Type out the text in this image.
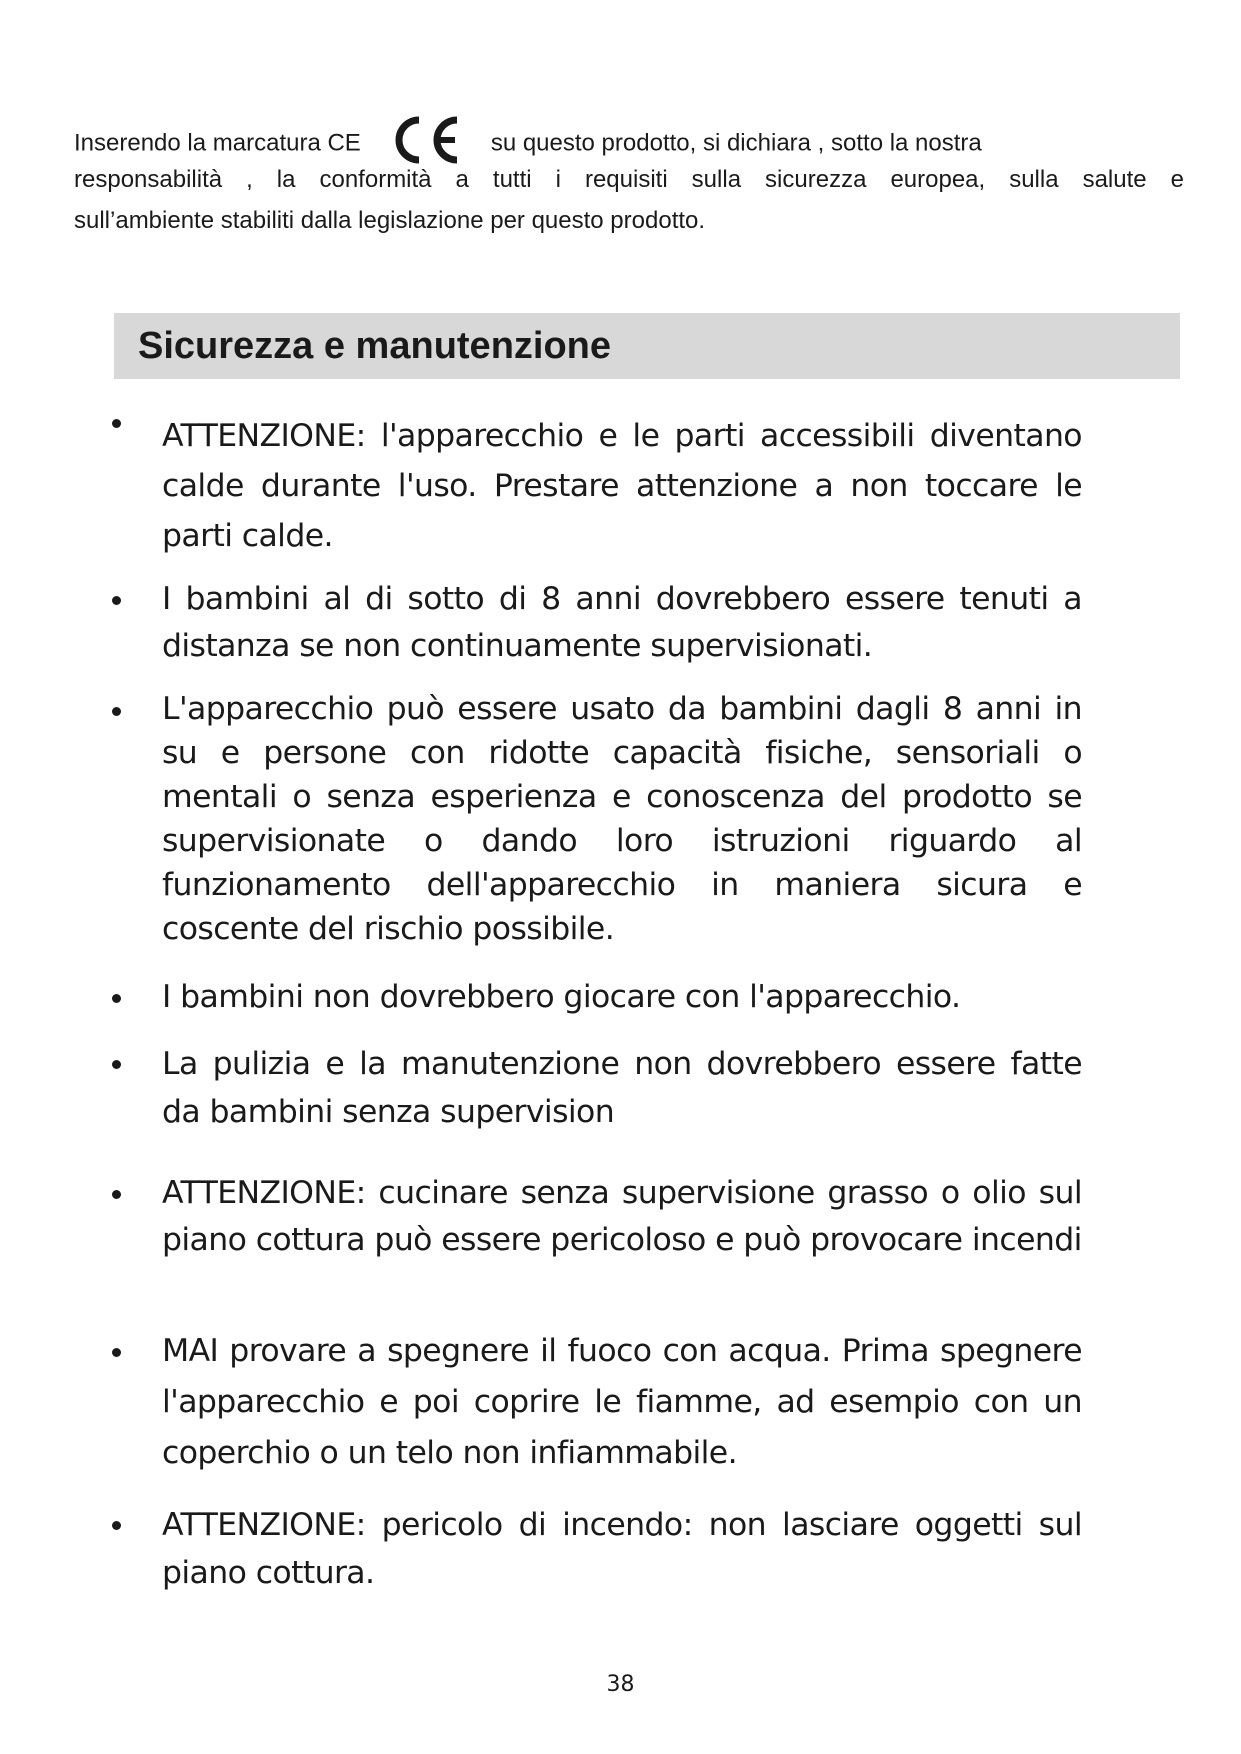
Inserendo la marcatura CE	su questo prodotto, si dichiara , sotto la nostra
responsabilità , la conformità a tutti i requisiti sulla sicurezza europea, sulla salute e
sull’ambiente stabiliti dalla legislazione per questo prodotto.
Sicurezza e manutenzione

ATTENZIONE: l'apparecchio e le parti accessibili diventano calde durante l'uso. Prestare attenzione a non toccare le parti calde.

I bambini al di sotto di 8 anni dovrebbero essere tenuti a distanza se non continuamente supervisionati.

L'apparecchio può essere usato da bambini dagli 8 anni in su e persone con ridotte capacità fisiche, sensoriali o mentali o senza esperienza e conoscenza del prodotto se supervisionate o dando loro istruzioni riguardo al funzionamento dell'apparecchio in maniera sicura e coscente del rischio possibile.

I bambini non dovrebbero giocare con l'apparecchio.

La pulizia e la manutenzione non dovrebbero essere fatte da bambini senza supervision

ATTENZIONE: cucinare senza supervisione grasso o olio sul piano cottura può essere pericoloso e può provocare incendi

MAI provare a spegnere il fuoco con acqua. Prima spegnere l'apparecchio e poi coprire le fiamme, ad esempio con un coperchio o un telo non infiammabile.

ATTENZIONE: pericolo di incendo: non lasciare oggetti sul piano cottura.

38
